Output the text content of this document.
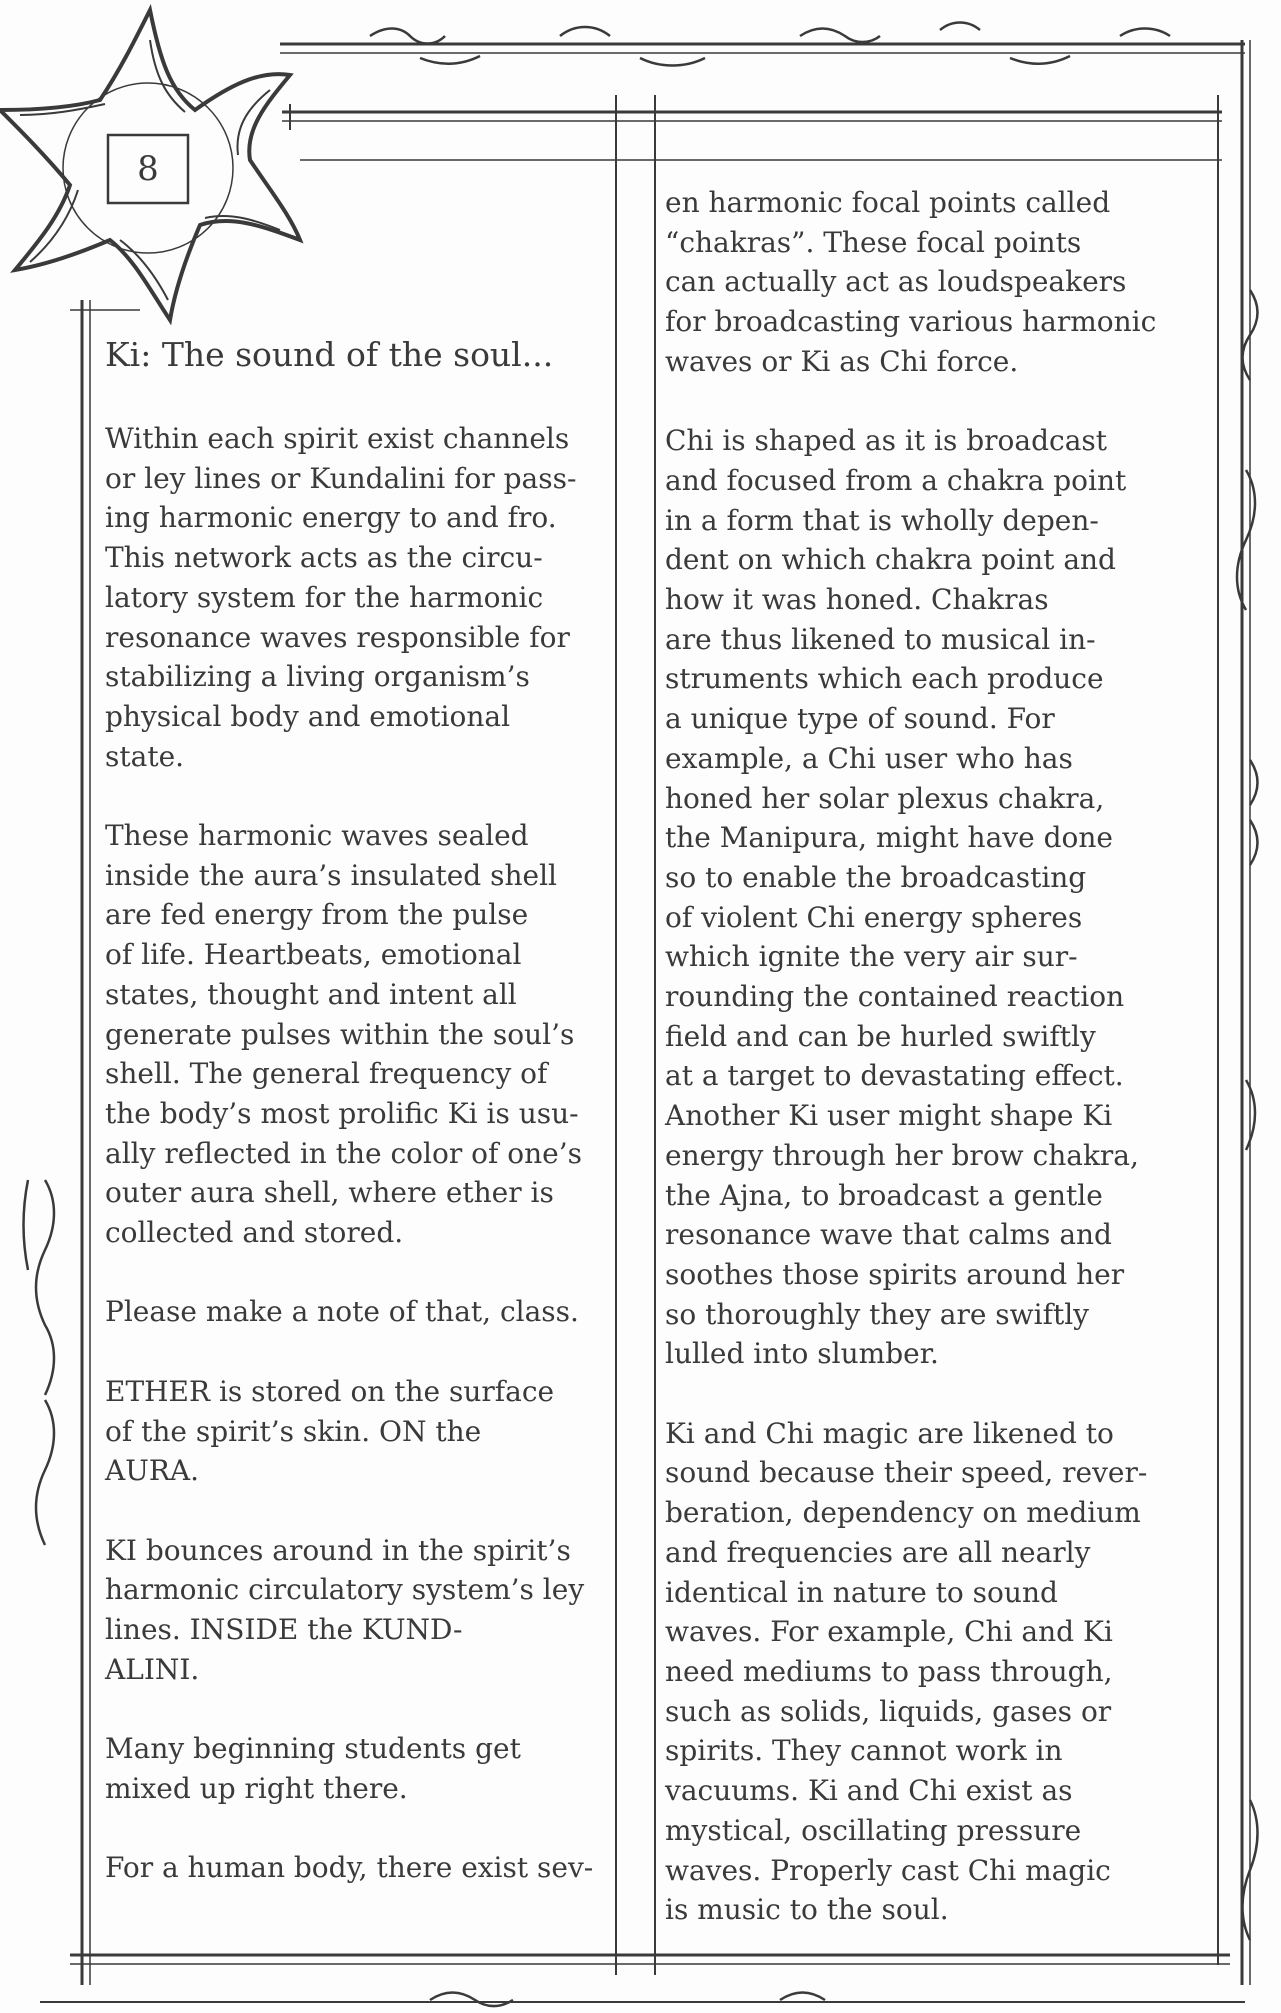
8
Ki: The sound of the soul...

Within each spirit exist channels
or ley lines or Kundalini for pass-
ing harmonic energy to and fro.
This network acts as the circu-
latory system for the harmonic
resonance waves responsible for
stabilizing a living organism’s
physical body and emotional
state.

These harmonic waves sealed
inside the aura’s insulated shell
are fed energy from the pulse
of life. Heartbeats, emotional
states, thought and intent all
generate pulses within the soul’s
shell. The general frequency of
the body’s most prolific Ki is usu-
ally reflected in the color of one’s
outer aura shell, where ether is
collected and stored.

Please make a note of that, class.

ETHER is stored on the surface
of the spirit’s skin. ON the
AURA.

KI bounces around in the spirit’s
harmonic circulatory system’s ley
lines. INSIDE the KUND-
ALINI.

Many beginning students get
mixed up right there.

For a human body, there exist sev-

en harmonic focal points called
“chakras”. These focal points
can actually act as loudspeakers
for broadcasting various harmonic
waves or Ki as Chi force.

Chi is shaped as it is broadcast
and focused from a chakra point
in a form that is wholly depen-
dent on which chakra point and
how it was honed. Chakras
are thus likened to musical in-
struments which each produce
a unique type of sound. For
example, a Chi user who has
honed her solar plexus chakra,
the Manipura, might have done
so to enable the broadcasting
of violent Chi energy spheres
which ignite the very air sur-
rounding the contained reaction
field and can be hurled swiftly
at a target to devastating effect.
Another Ki user might shape Ki
energy through her brow chakra,
the Ajna, to broadcast a gentle
resonance wave that calms and
soothes those spirits around her
so thoroughly they are swiftly
lulled into slumber.

Ki and Chi magic are likened to
sound because their speed, rever-
beration, dependency on medium
and frequencies are all nearly
identical in nature to sound
waves. For example, Chi and Ki
need mediums to pass through,
such as solids, liquids, gases or
spirits. They cannot work in
vacuums. Ki and Chi exist as
mystical, oscillating pressure
waves. Properly cast Chi magic
is music to the soul.
